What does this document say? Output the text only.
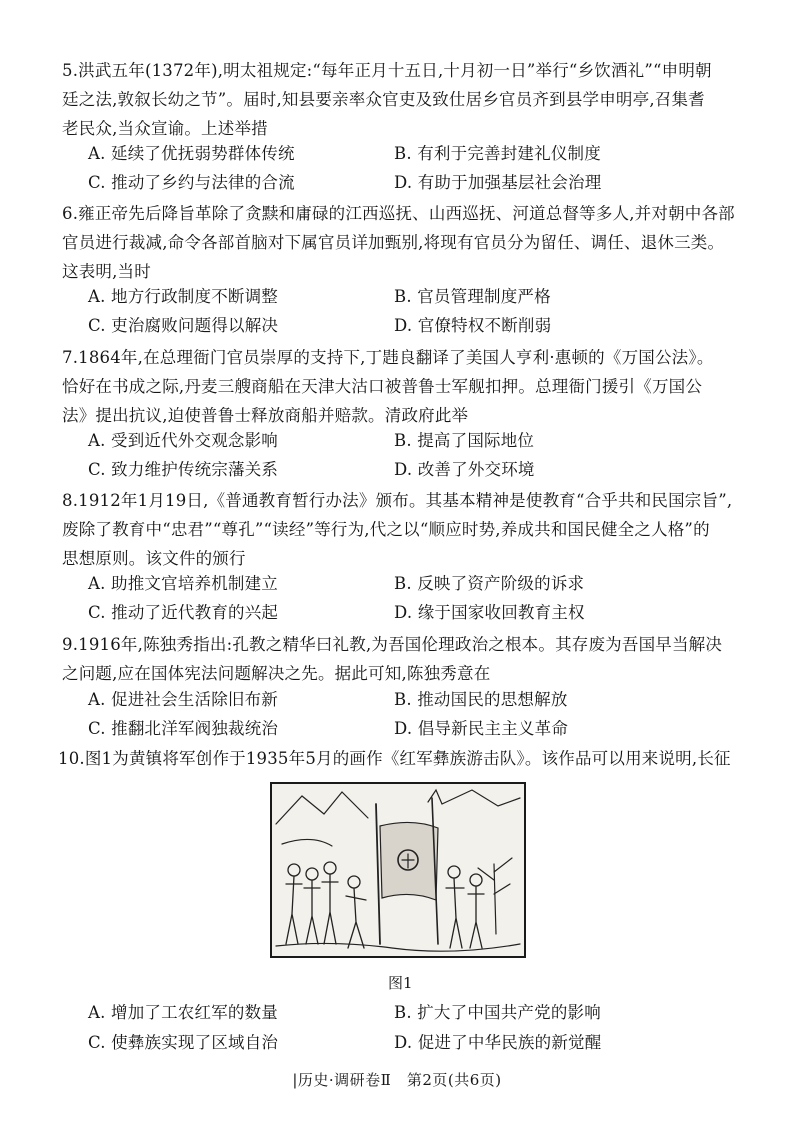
5.洪武五年(1372年),明太祖规定:“每年正月十五日,十月初一日”举行“乡饮酒礼”“申明朝
廷之法,敦叙长幼之节”。届时,知县要亲率众官吏及致仕居乡官员齐到县学申明亭,召集耆
老民众,当众宣谕。上述举措
A. 延续了优抚弱势群体传统	B. 有利于完善封建礼仪制度
C. 推动了乡约与法律的合流	D. 有助于加强基层社会治理
6.雍正帝先后降旨革除了贪黩和庸碌的江西巡抚、山西巡抚、河道总督等多人,并对朝中各部
官员进行裁减,命令各部首脑对下属官员详加甄别,将现有官员分为留任、调任、退休三类。
这表明,当时
A. 地方行政制度不断调整	B. 官员管理制度严格
C. 吏治腐败问题得以解决	D. 官僚特权不断削弱
7.1864年,在总理衙门官员崇厚的支持下,丁韪良翻译了美国人亨利·惠顿的《万国公法》。
恰好在书成之际,丹麦三艘商船在天津大沽口被普鲁士军舰扣押。总理衙门援引《万国公
法》提出抗议,迫使普鲁士释放商船并赔款。清政府此举
A. 受到近代外交观念影响	B. 提高了国际地位
C. 致力维护传统宗藩关系	D. 改善了外交环境
8.1912年1月19日,《普通教育暂行办法》颁布。其基本精神是使教育“合乎共和民国宗旨”,
废除了教育中“忠君”“尊孔”“读经”等行为,代之以“顺应时势,养成共和国民健全之人格”的
思想原则。该文件的颁行
A. 助推文官培养机制建立	B. 反映了资产阶级的诉求
C. 推动了近代教育的兴起	D. 缘于国家收回教育主权
9.1916年,陈独秀指出:孔教之精华曰礼教,为吾国伦理政治之根本。其存废为吾国早当解决
之问题,应在国体宪法问题解决之先。据此可知,陈独秀意在
A. 促进社会生活除旧布新	B. 推动国民的思想解放
C. 推翻北洋军阀独裁统治	D. 倡导新民主主义革命
10.图1为黄镇将军创作于1935年5月的画作《红军彝族游击队》。该作品可以用来说明,长征
图1
A. 增加了工农红军的数量	B. 扩大了中国共产党的影响
C. 使彝族实现了区域自治	D. 促进了中华民族的新觉醒
|历史·调研卷Ⅱ　第2页(共6页)
